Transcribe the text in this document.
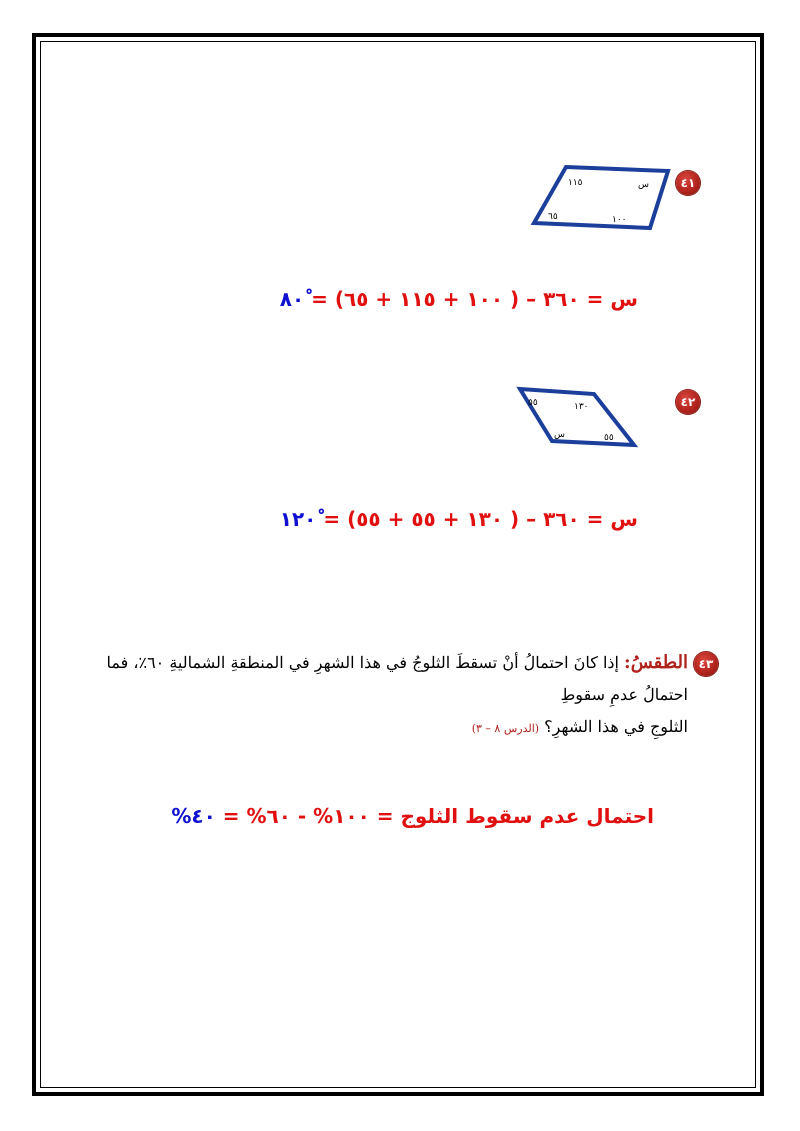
٤١
١١٥	س
٦٥	١٠٠
س = ٣٦٠ – ( ١٠٠ + ١١٥ + ٦٥) = ٨٠ْ
٤٢
٥٥	١٣٠
س	٥٥
س = ٣٦٠ – ( ١٣٠ + ٥٥ + ٥٥) = ١٢٠ْ
٤٣
الطقسُ: إذا كانَ احتمالُ أنْ تسقطَ الثلوجُ في هذا الشهرِ في المنطقةِ الشماليةِ ٦٠٪، فما احتمالُ عدمِ سقوطِ
الثلوجِ في هذا الشهرِ؟ (الدرس ٨ – ٣)
احتمال عدم سقوط الثلوج = ١٠٠% - ٦٠% = ٤٠%
